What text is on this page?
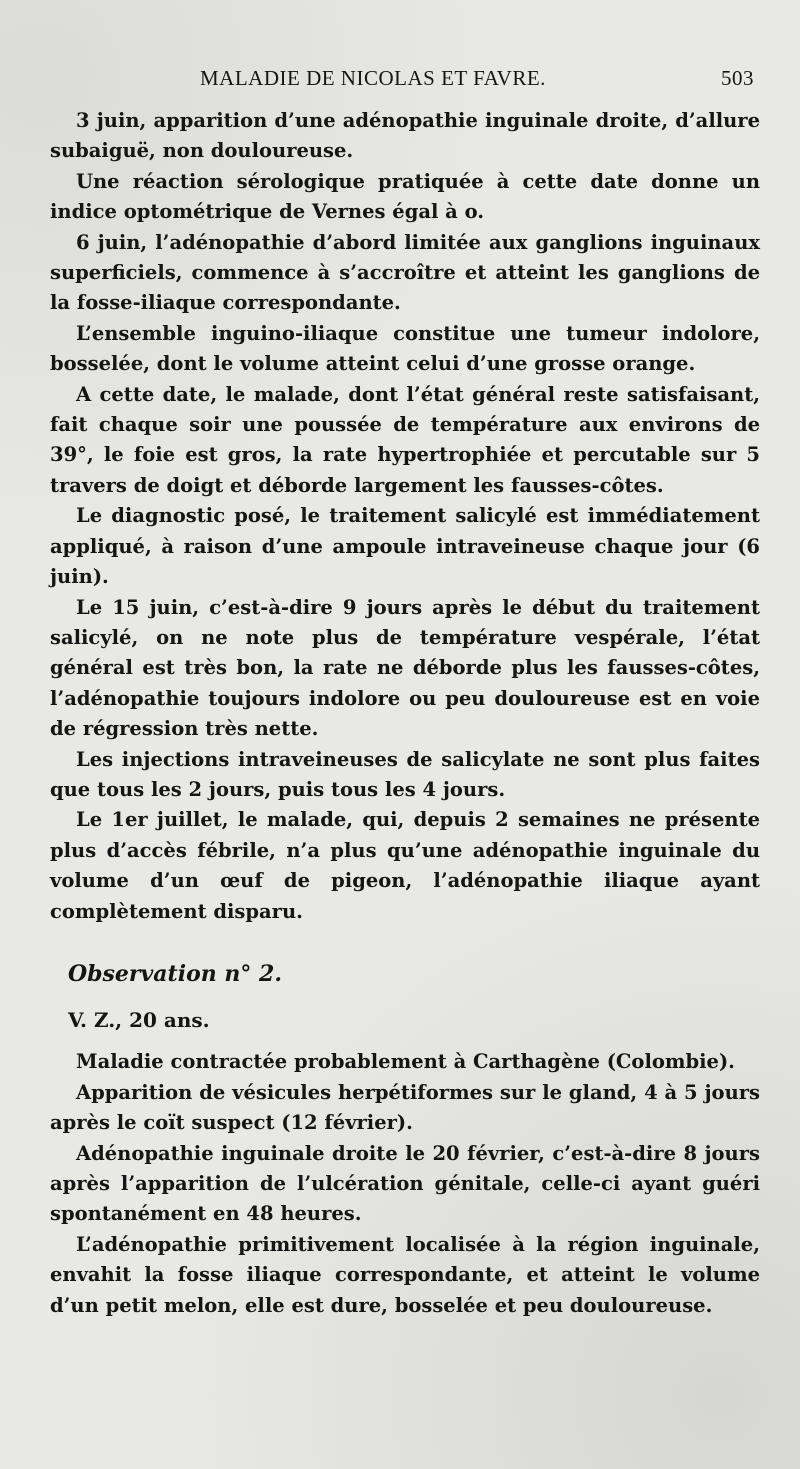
MALADIE DE NICOLAS ET FAVRE.	503

3 juin, apparition d’une adénopathie inguinale droite, d’allure subaiguë, non douloureuse.

Une réaction sérologique pratiquée à cette date donne un indice optométrique de Vernes égal à o.

6 juin, l’adénopathie d’abord limitée aux ganglions inguinaux superficiels, commence à s’accroître et atteint les ganglions de la fosse-iliaque correspondante.

L’ensemble inguino-iliaque constitue une tumeur indolore, bosselée, dont le volume atteint celui d’une grosse orange.

A cette date, le malade, dont l’état général reste satisfaisant, fait chaque soir une poussée de température aux environs de 39°, le foie est gros, la rate hypertrophiée et percutable sur 5 travers de doigt et déborde largement les fausses-côtes.

Le diagnostic posé, le traitement salicylé est immédiatement appliqué, à raison d’une ampoule intraveineuse chaque jour (6 juin).

Le 15 juin, c’est-à-dire 9 jours après le début du traitement salicylé, on ne note plus de température vespérale, l’état général est très bon, la rate ne déborde plus les fausses-côtes, l’adénopathie toujours indolore ou peu douloureuse est en voie de régression très nette.

Les injections intraveineuses de salicylate ne sont plus faites que tous les 2 jours, puis tous les 4 jours.

Le 1er juillet, le malade, qui, depuis 2 semaines ne présente plus d’accès fébrile, n’a plus qu’une adénopathie inguinale du volume d’un œuf de pigeon, l’adénopathie iliaque ayant complètement disparu.

Observation n° 2.
V. Z., 20 ans.

Maladie contractée probablement à Carthagène (Colombie).

Apparition de vésicules herpétiformes sur le gland, 4 à 5 jours après le coït suspect (12 février).

Adénopathie inguinale droite le 20 février, c’est-à-dire 8 jours après l’apparition de l’ulcération génitale, celle-ci ayant guéri spontanément en 48 heures.

L’adénopathie primitivement localisée à la région inguinale, envahit la fosse iliaque correspondante, et atteint le volume d’un petit melon, elle est dure, bosselée et peu douloureuse.
